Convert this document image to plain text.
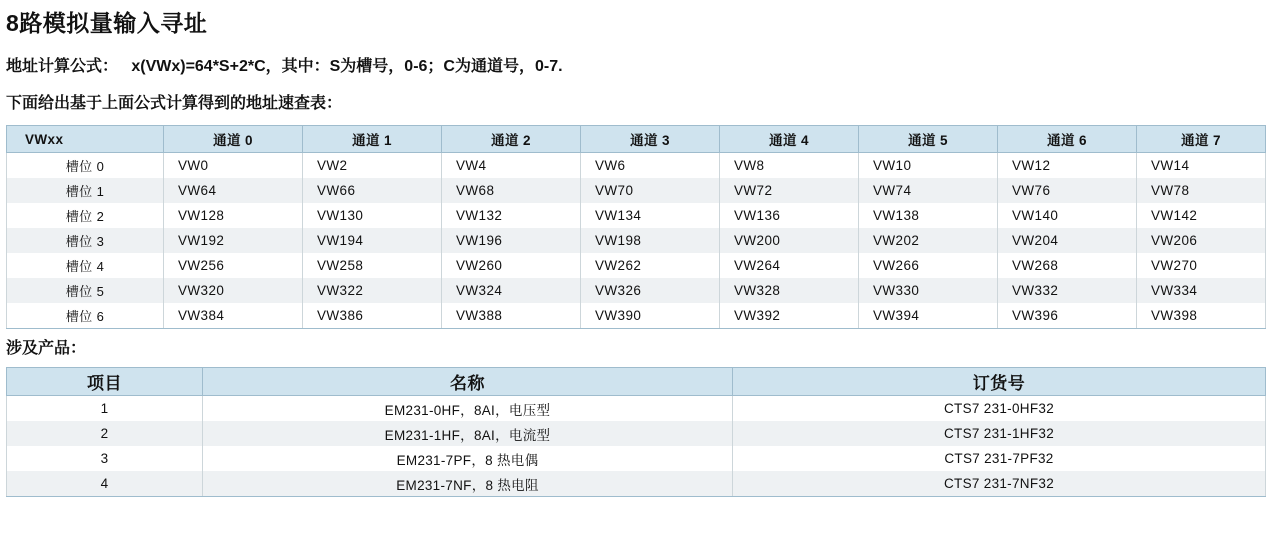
8路模拟量输入寻址
地址计算公式：   x(VWx)=64*S+2*C，其中：S为槽号，0-6；C为通道号，0-7.
下面给出基于上面公式计算得到的地址速查表：
VWxx	通道 0	通道 1	通道 2	通道 3	通道 4	通道 5	通道 6	通道 7
槽位 0	VW0	VW2	VW4	VW6	VW8	VW10	VW12	VW14
槽位 1	VW64	VW66	VW68	VW70	VW72	VW74	VW76	VW78
槽位 2	VW128	VW130	VW132	VW134	VW136	VW138	VW140	VW142
槽位 3	VW192	VW194	VW196	VW198	VW200	VW202	VW204	VW206
槽位 4	VW256	VW258	VW260	VW262	VW264	VW266	VW268	VW270
槽位 5	VW320	VW322	VW324	VW326	VW328	VW330	VW332	VW334
槽位 6	VW384	VW386	VW388	VW390	VW392	VW394	VW396	VW398
涉及产品：
项目	名称	订货号
1	EM231-0HF，8AI，电压型	CTS7 231-0HF32
2	EM231-1HF，8AI，电流型	CTS7 231-1HF32
3	EM231-7PF，8 热电偶	CTS7 231-7PF32
4	EM231-7NF，8 热电阻	CTS7 231-7NF32
